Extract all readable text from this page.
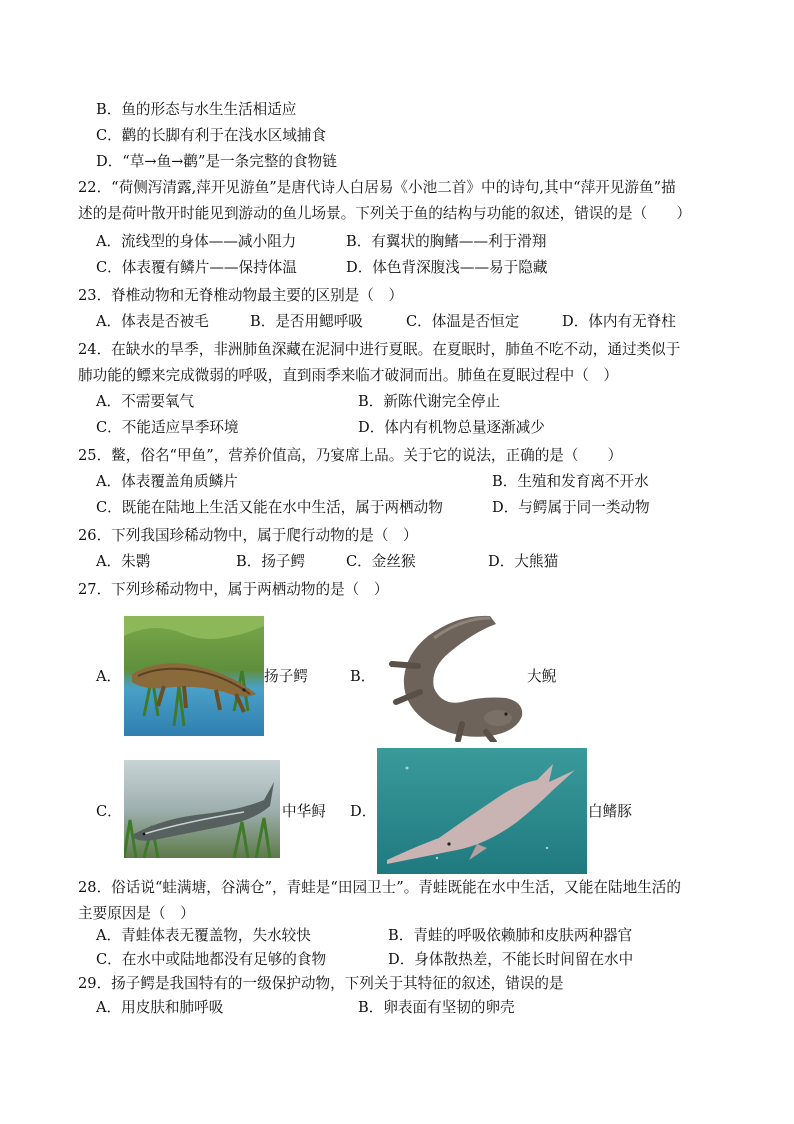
B．鱼的形态与水生生活相适应
C．鹳的长脚有利于在浅水区域捕食
D．“草→鱼→鹳”是一条完整的食物链
22．“荷侧泻清露,萍开见游鱼”是唐代诗人白居易《小池二首》中的诗句,其中“萍开见游鱼”描
述的是荷叶散开时能见到游动的鱼儿场景。下列关于鱼的结构与功能的叙述，错误的是（　　）
A．流线型的身体——减小阻力	B．有翼状的胸鳍——利于滑翔
C．体表覆有鳞片——保持体温	D．体色背深腹浅——易于隐藏
23．脊椎动物和无脊椎动物最主要的区别是（　）
A．体表是否被毛	B．是否用鳃呼吸	C．体温是否恒定	D．体内有无脊柱
24．在缺水的旱季，非洲肺鱼深藏在泥洞中进行夏眠。在夏眠时，肺鱼不吃不动，通过类似于
肺功能的鳔来完成微弱的呼吸，直到雨季来临才破洞而出。肺鱼在夏眠过程中（　）
A．不需要氧气	B．新陈代谢完全停止
C．不能适应旱季环境	D．体内有机物总量逐渐减少
25．鳖，俗名“甲鱼”，营养价值高，乃宴席上品。关于它的说法，正确的是（　　）
A．体表覆盖角质鳞片	B．生殖和发育离不开水
C．既能在陆地上生活又能在水中生活，属于两栖动物	D．与鳄属于同一类动物
26．下列我国珍稀动物中，属于爬行动物的是（　）
A．朱鹮	B．扬子鳄	C．金丝猴	D．大熊猫
27．下列珍稀动物中，属于两栖动物的是（　）
A．	扬子鳄	B．	大鲵
C．	中华鲟 D．	白鳍豚
28．俗话说“蛙满塘，谷满仓”，青蛙是“田园卫士”。青蛙既能在水中生活，又能在陆地生活的
主要原因是（　）
A．青蛙体表无覆盖物，失水较快	B．青蛙的呼吸依赖肺和皮肤两种器官
C．在水中或陆地都没有足够的食物	D．身体散热差，不能长时间留在水中
29．扬子鳄是我国特有的一级保护动物，下列关于其特征的叙述，错误的是
A．用皮肤和肺呼吸	B．卵表面有坚韧的卵壳
